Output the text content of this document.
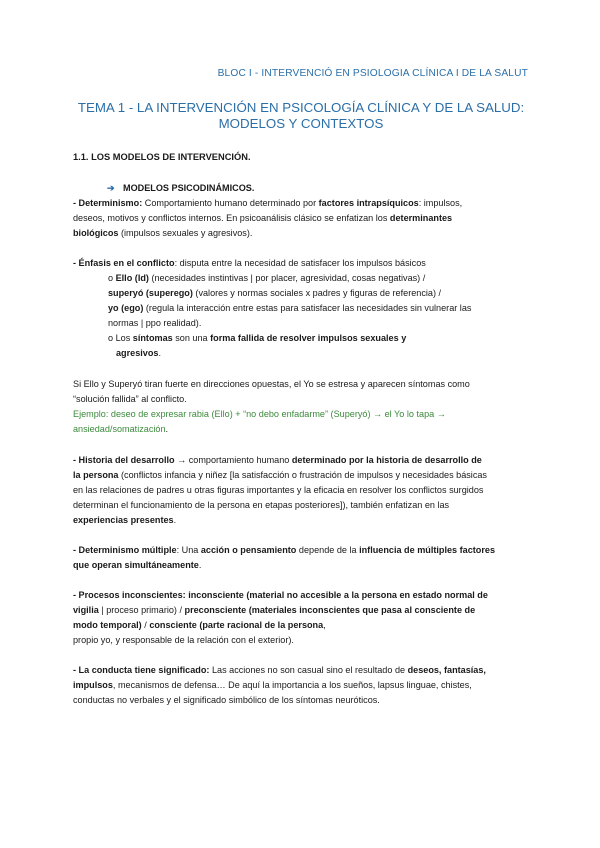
BLOC I - INTERVENCIÓ EN PSIOLOGIA CLÍNICA I DE LA SALUT
TEMA 1 - LA INTERVENCIÓN EN PSICOLOGÍA CLÍNICA Y DE LA SALUD:
MODELOS Y CONTEXTOS

1.1. LOS MODELOS DE INTERVENCIÓN.

➔ MODELOS PSICODINÁMICOS.

- Determinismo: Comportamiento humano determinado por factores intrapsíquicos: impulsos,

deseos, motivos y conflictos internos. En psicoanálisis clásico se enfatizan los determinantes

biológicos (impulsos sexuales y agresivos).

- Énfasis en el conflicto: disputa entre la necesidad de satisfacer los impulsos básicos

o Ello (Id) (necesidades instintivas | por placer, agresividad, cosas negativas) /

superyó (superego) (valores y normas sociales x padres y figuras de referencia) /

yo (ego) (regula la interacción entre estas para satisfacer las necesidades sin vulnerar las

normas | ppo realidad).

o Los síntomas son una forma fallida de resolver impulsos sexuales y

agresivos.

Si Ello y Superyó tiran fuerte en direcciones opuestas, el Yo se estresa y aparecen síntomas como

“solución fallida” al conflicto.

Ejemplo: deseo de expresar rabia (Ello) + “no debo enfadarme” (Superyó) → el Yo lo tapa →

ansiedad/somatización.

- Historia del desarrollo → comportamiento humano determinado por la historia de desarrollo de

la persona (conflictos infancia y niñez [la satisfacción o frustración de impulsos y necesidades básicas

en las relaciones de padres u otras figuras importantes y la eficacia en resolver los conflictos surgidos

determinan el funcionamiento de la persona en etapas posteriores]), también enfatizan en las

experiencias presentes.

- Determinismo múltiple: Una acción o pensamiento depende de la influencia de múltiples factores

que operan simultáneamente.

- Procesos inconscientes: inconsciente (material no accesible a la persona en estado normal de

vigilia | proceso primario) / preconsciente (materiales inconscientes que pasa al consciente de

modo temporal) / consciente (parte racional de la persona,

propio yo, y responsable de la relación con el exterior).

- La conducta tiene significado: Las acciones no son casual sino el resultado de deseos, fantasías,

impulsos, mecanismos de defensa… De aquí la importancia a los sueños, lapsus linguae, chistes,

conductas no verbales y el significado simbólico de los síntomas neuróticos.
